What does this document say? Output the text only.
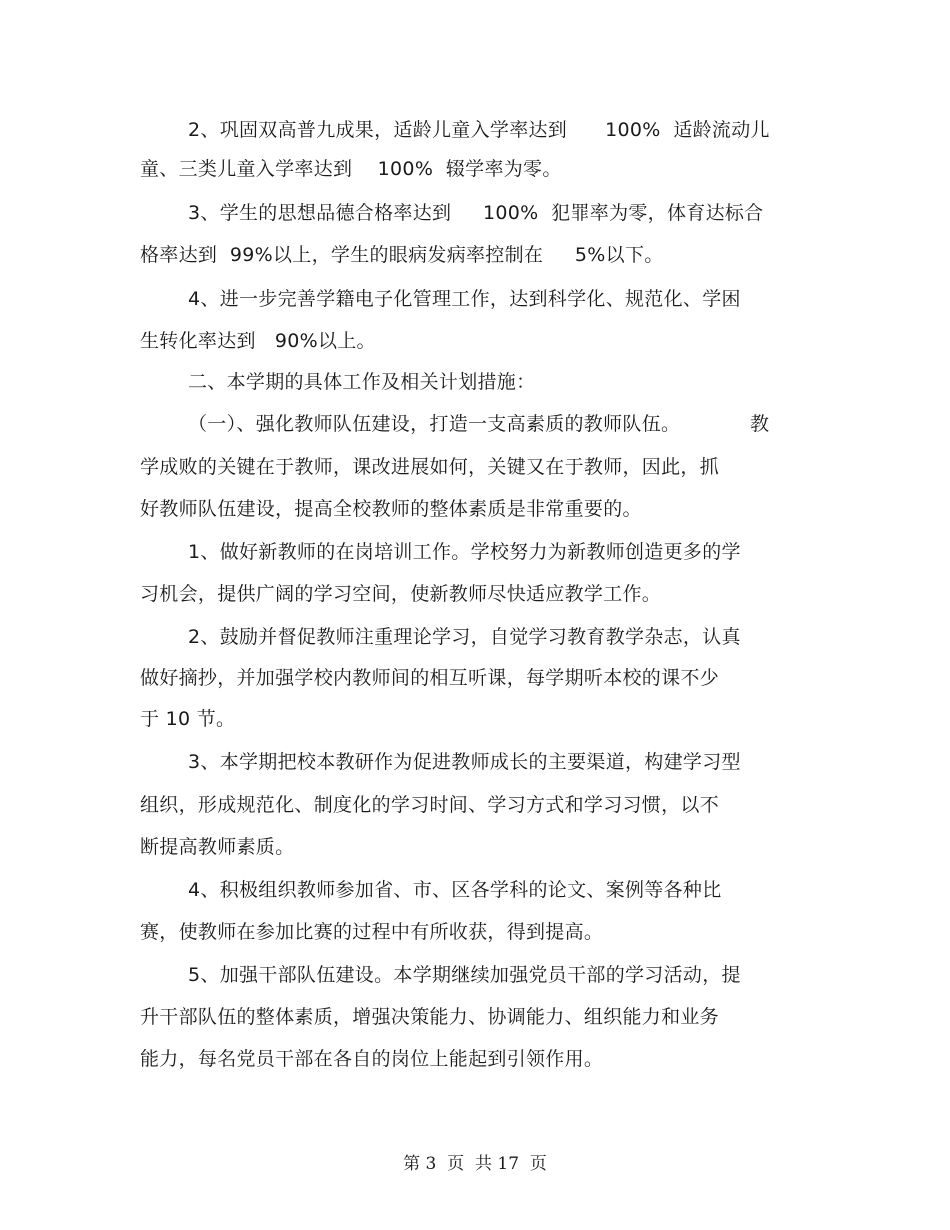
2、巩固双高普九成果，适龄儿童入学率达到      100%  适龄流动儿
童、三类儿童入学率达到    100%  辍学率为零。
3、学生的思想品德合格率达到     100%  犯罪率为零，体育达标合
格率达到  99%以上，学生的眼病发病率控制在     5%以下。
4、进一步完善学籍电子化管理工作，达到科学化、规范化、学困
生转化率达到   90%以上。
二、本学期的具体工作及相关计划措施：
（一）、强化教师队伍建设，打造一支高素质的教师队伍。           教
学成败的关键在于教师，课改进展如何，关键又在于教师，因此，抓
好教师队伍建设，提高全校教师的整体素质是非常重要的。
1、做好新教师的在岗培训工作。学校努力为新教师创造更多的学
习机会，提供广阔的学习空间，使新教师尽快适应教学工作。
2、鼓励并督促教师注重理论学习，自觉学习教育教学杂志，认真
做好摘抄，并加强学校内教师间的相互听课，每学期听本校的课不少
于 10 节。
3、本学期把校本教研作为促进教师成长的主要渠道，构建学习型
组织，形成规范化、制度化的学习时间、学习方式和学习习惯，以不
断提高教师素质。
4、积极组织教师参加省、市、区各学科的论文、案例等各种比
赛，使教师在参加比赛的过程中有所收获，得到提高。
5、加强干部队伍建设。本学期继续加强党员干部的学习活动，提
升干部队伍的整体素质，增强决策能力、协调能力、组织能力和业务
能力，每名党员干部在各自的岗位上能起到引领作用。
第 3  页  共 17  页
